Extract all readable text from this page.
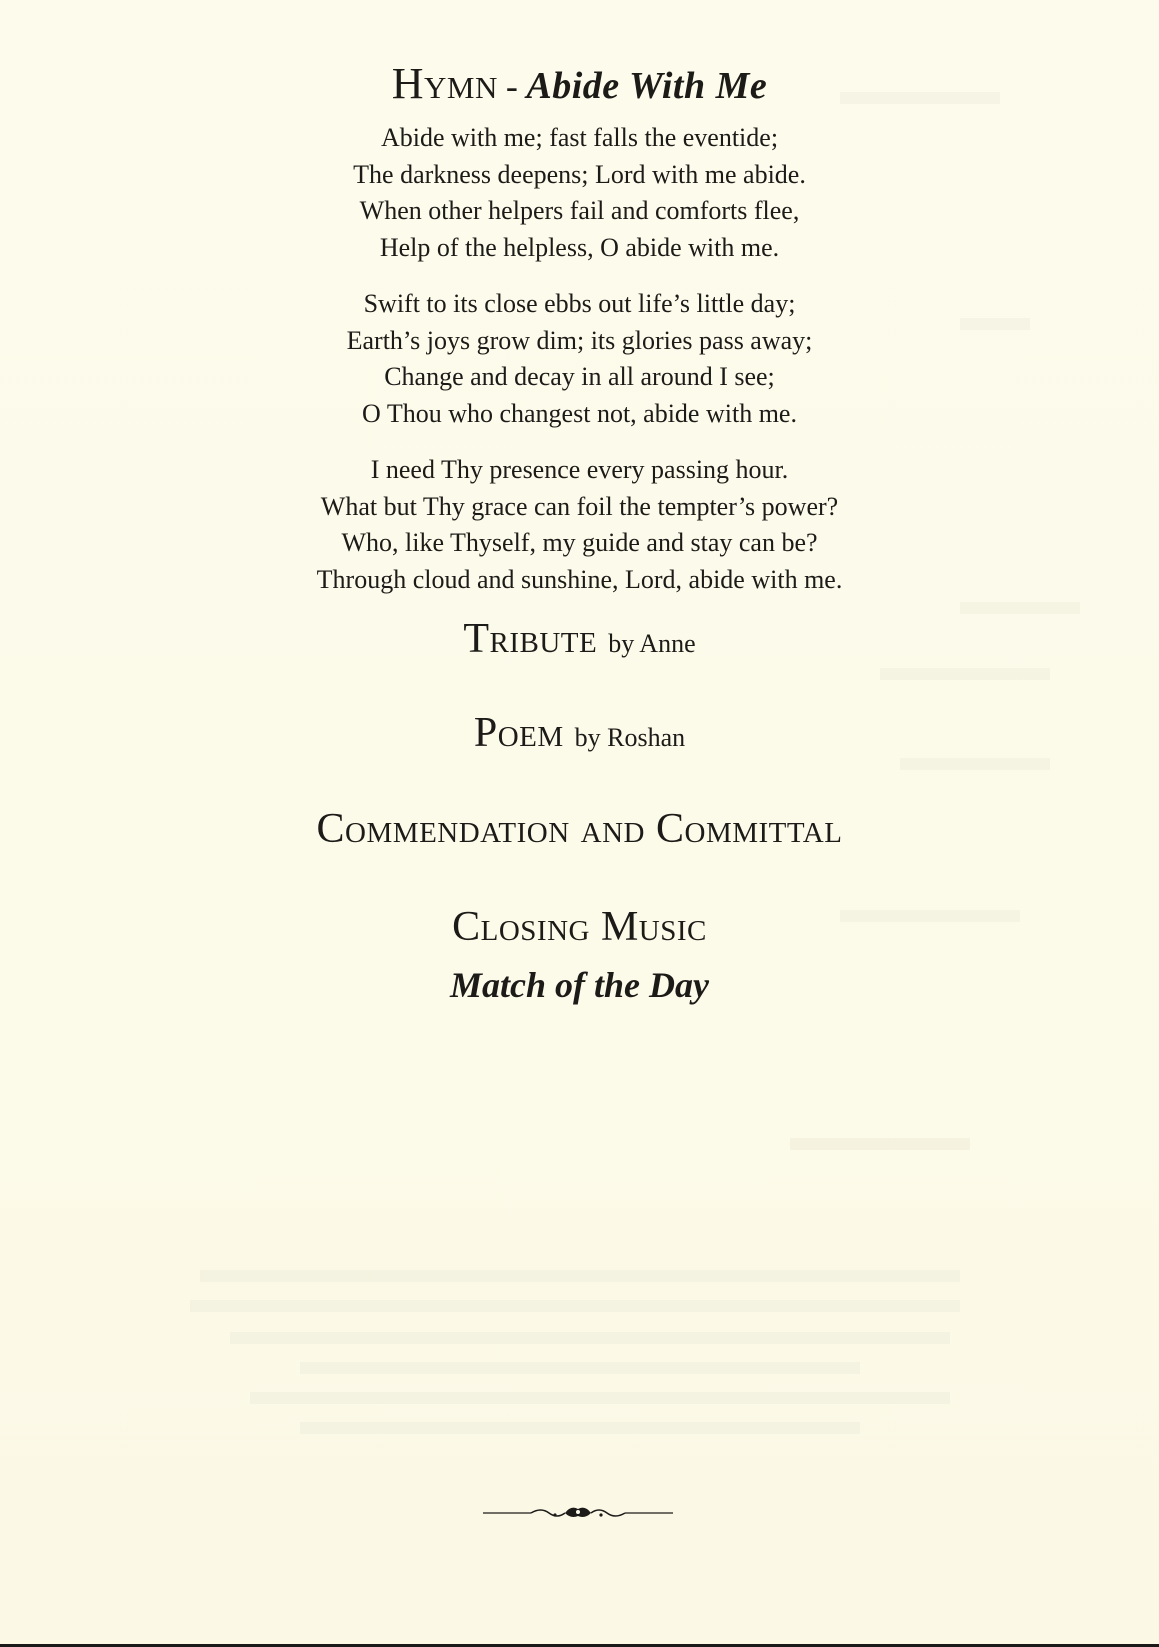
Hymn - Abide With Me
Abide with me; fast falls the eventide;
The darkness deepens; Lord with me abide.
When other helpers fail and comforts flee,
Help of the helpless, O abide with me.
Swift to its close ebbs out life’s little day;
Earth’s joys grow dim; its glories pass away;
Change and decay in all around I see;
O Thou who changest not, abide with me.
I need Thy presence every passing hour.
What but Thy grace can foil the tempter’s power?
Who, like Thyself, my guide and stay can be?
Through cloud and sunshine, Lord, abide with me.
Tribute by Anne
Poem by Roshan
Commendation and Committal
Closing Music
Match of the Day
